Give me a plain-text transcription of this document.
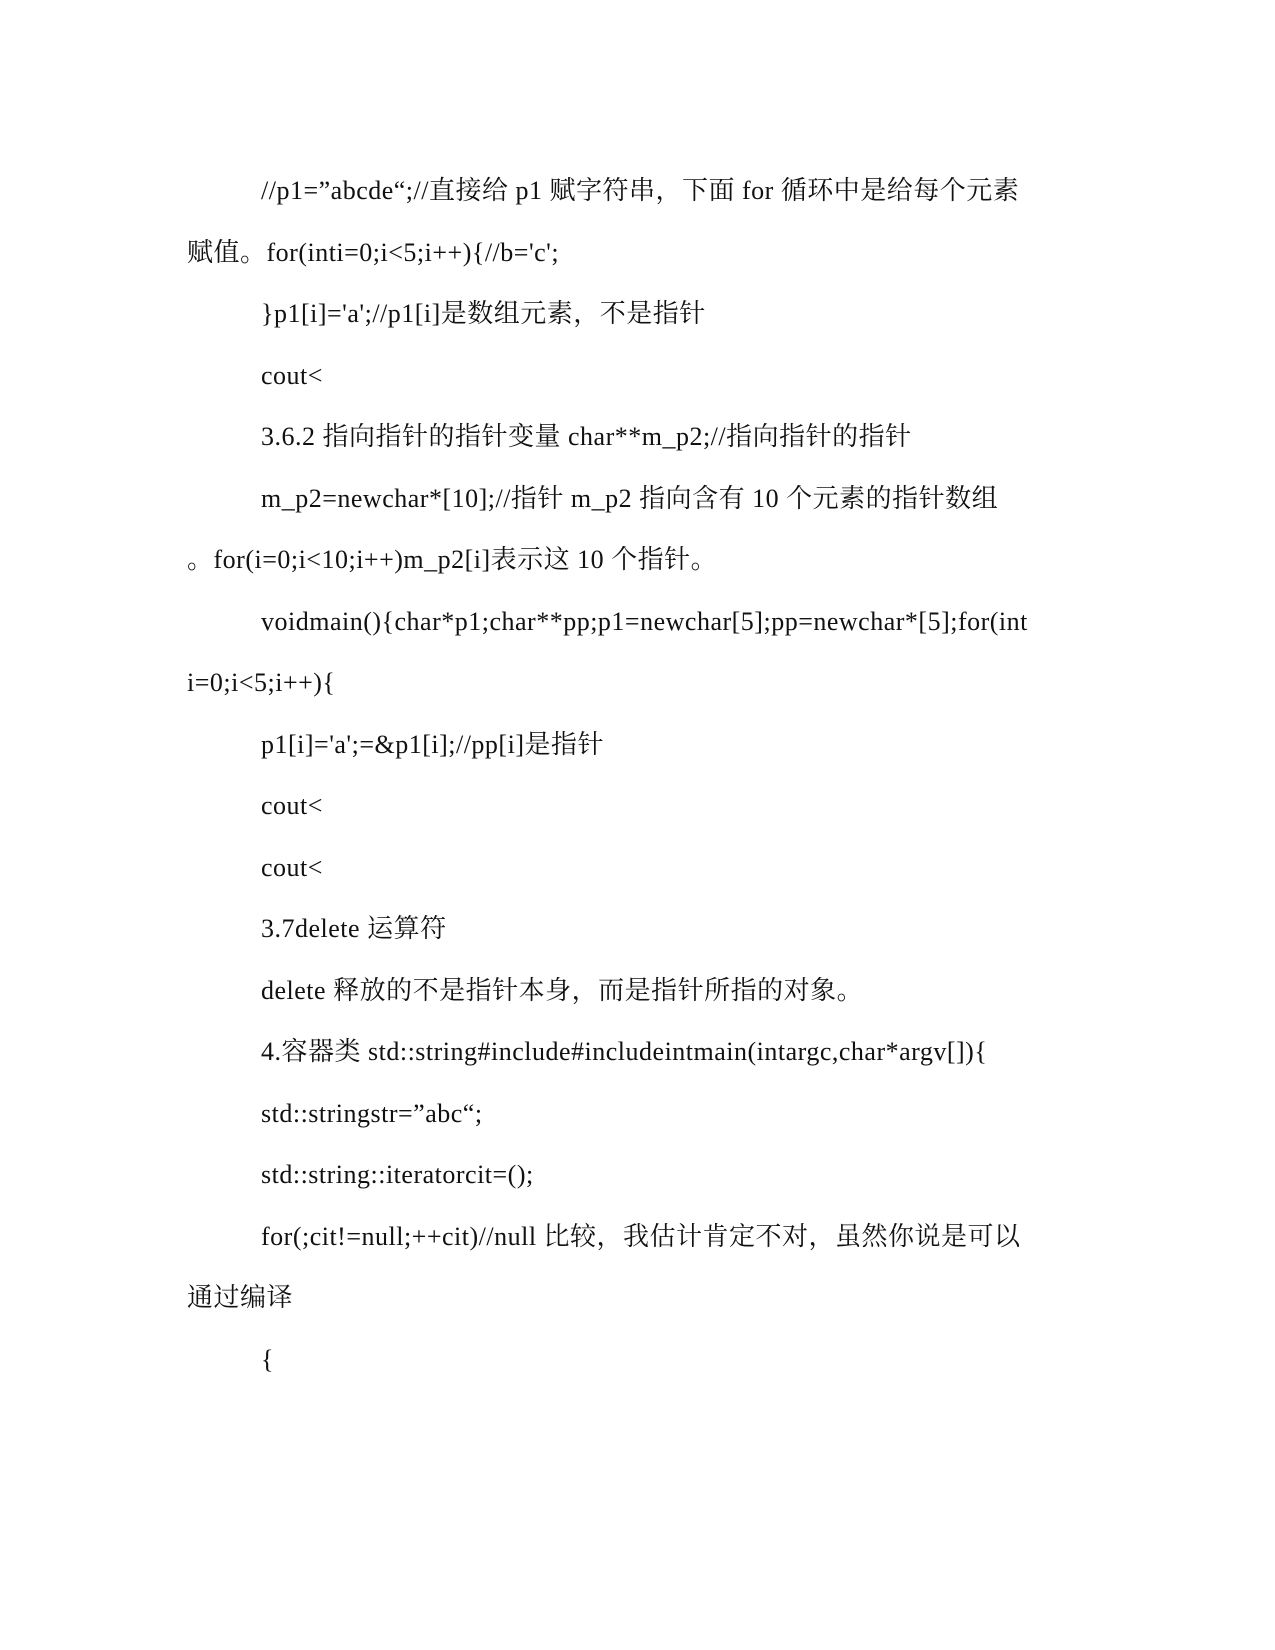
//p1=”abcde“;//直接给 p1 赋字符串，下面 for 循环中是给每个元素
赋值。for(inti=0;i<5;i++){//b='c';
}p1[i]='a';//p1[i]是数组元素，不是指针
cout<
3.6.2 指向指针的指针变量 char**m_p2;//指向指针的指针
m_p2=newchar*[10];//指针 m_p2 指向含有 10 个元素的指针数组
。for(i=0;i<10;i++)m_p2[i]表示这 10 个指针。
voidmain(){char*p1;char**pp;p1=newchar[5];pp=newchar*[5];for(int
i=0;i<5;i++){
p1[i]='a';=&p1[i];//pp[i]是指针
cout<
cout<
3.7delete 运算符
delete 释放的不是指针本身，而是指针所指的对象。
4.容器类 std::string#include#includeintmain(intargc,char*argv[]){
std::stringstr=”abc“;
std::string::iteratorcit=();
for(;cit!=null;++cit)//null 比较，我估计肯定不对，虽然你说是可以
通过编译
{
